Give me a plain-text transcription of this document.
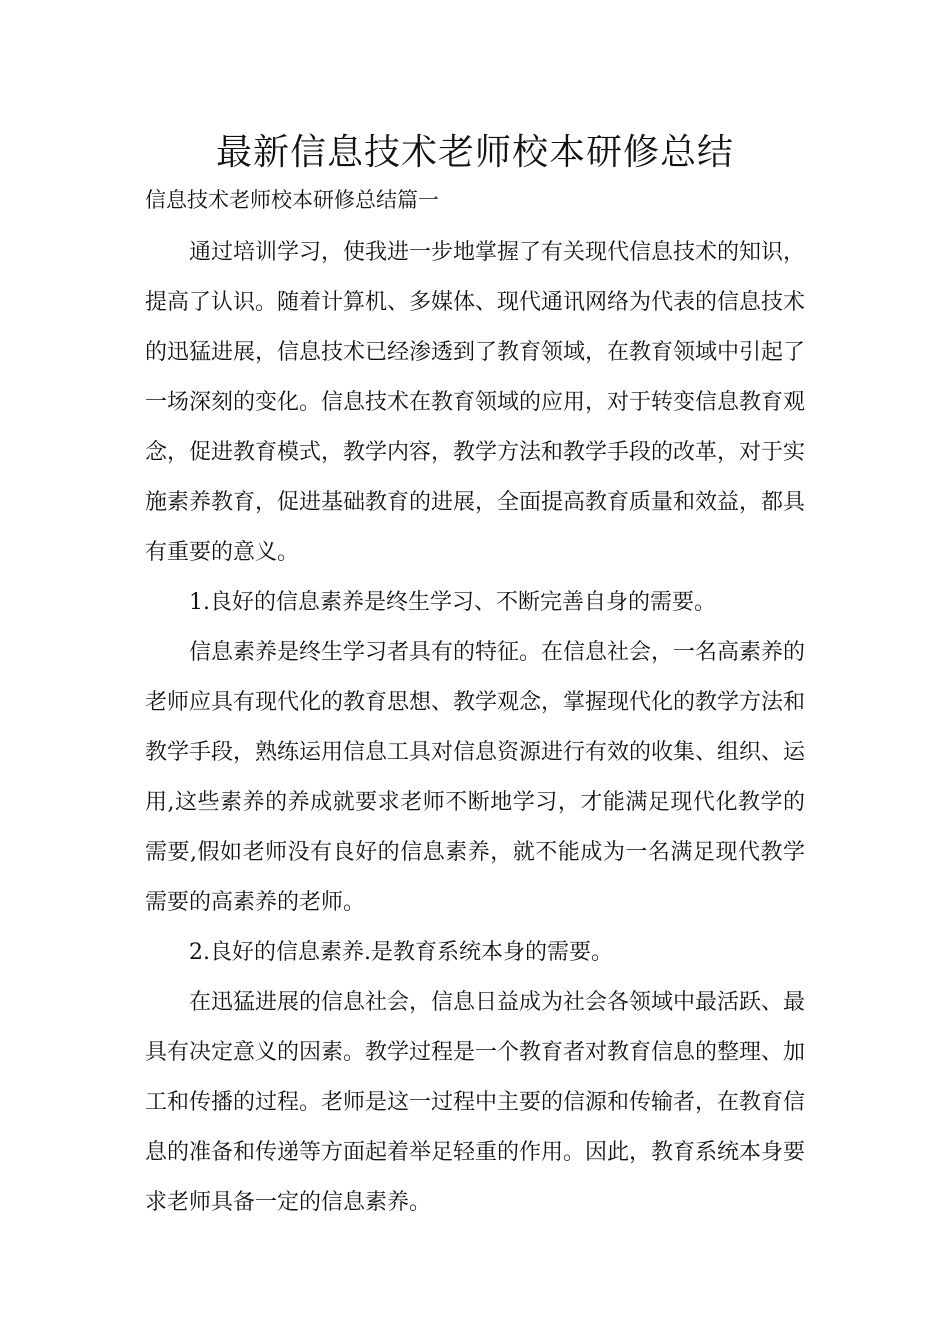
最新信息技术老师校本研修总结

信息技术老师校本研修总结篇一

通过培训学习，使我进一步地掌握了有关现代信息技术的知识，提高了认识。随着计算机、多媒体、现代通讯网络为代表的信息技术的迅猛进展，信息技术已经渗透到了教育领域，在教育领域中引起了一场深刻的变化。信息技术在教育领域的应用，对于转变信息教育观念，促进教育模式，教学内容，教学方法和教学手段的改革，对于实施素养教育，促进基础教育的进展，全面提高教育质量和效益，都具有重要的意义。

1.良好的信息素养是终生学习、不断完善自身的需要。

信息素养是终生学习者具有的特征。在信息社会，一名高素养的老师应具有现代化的教育思想、教学观念，掌握现代化的教学方法和教学手段，熟练运用信息工具对信息资源进行有效的收集、组织、运用,这些素养的养成就要求老师不断地学习，才能满足现代化教学的需要,假如老师没有良好的信息素养，就不能成为一名满足现代教学需要的高素养的老师。

2.良好的信息素养.是教育系统本身的需要。

在迅猛进展的信息社会，信息日益成为社会各领域中最活跃、最具有决定意义的因素。教学过程是一个教育者对教育信息的整理、加工和传播的过程。老师是这一过程中主要的信源和传输者，在教育信息的准备和传递等方面起着举足轻重的作用。因此，教育系统本身要求老师具备一定的信息素养。
